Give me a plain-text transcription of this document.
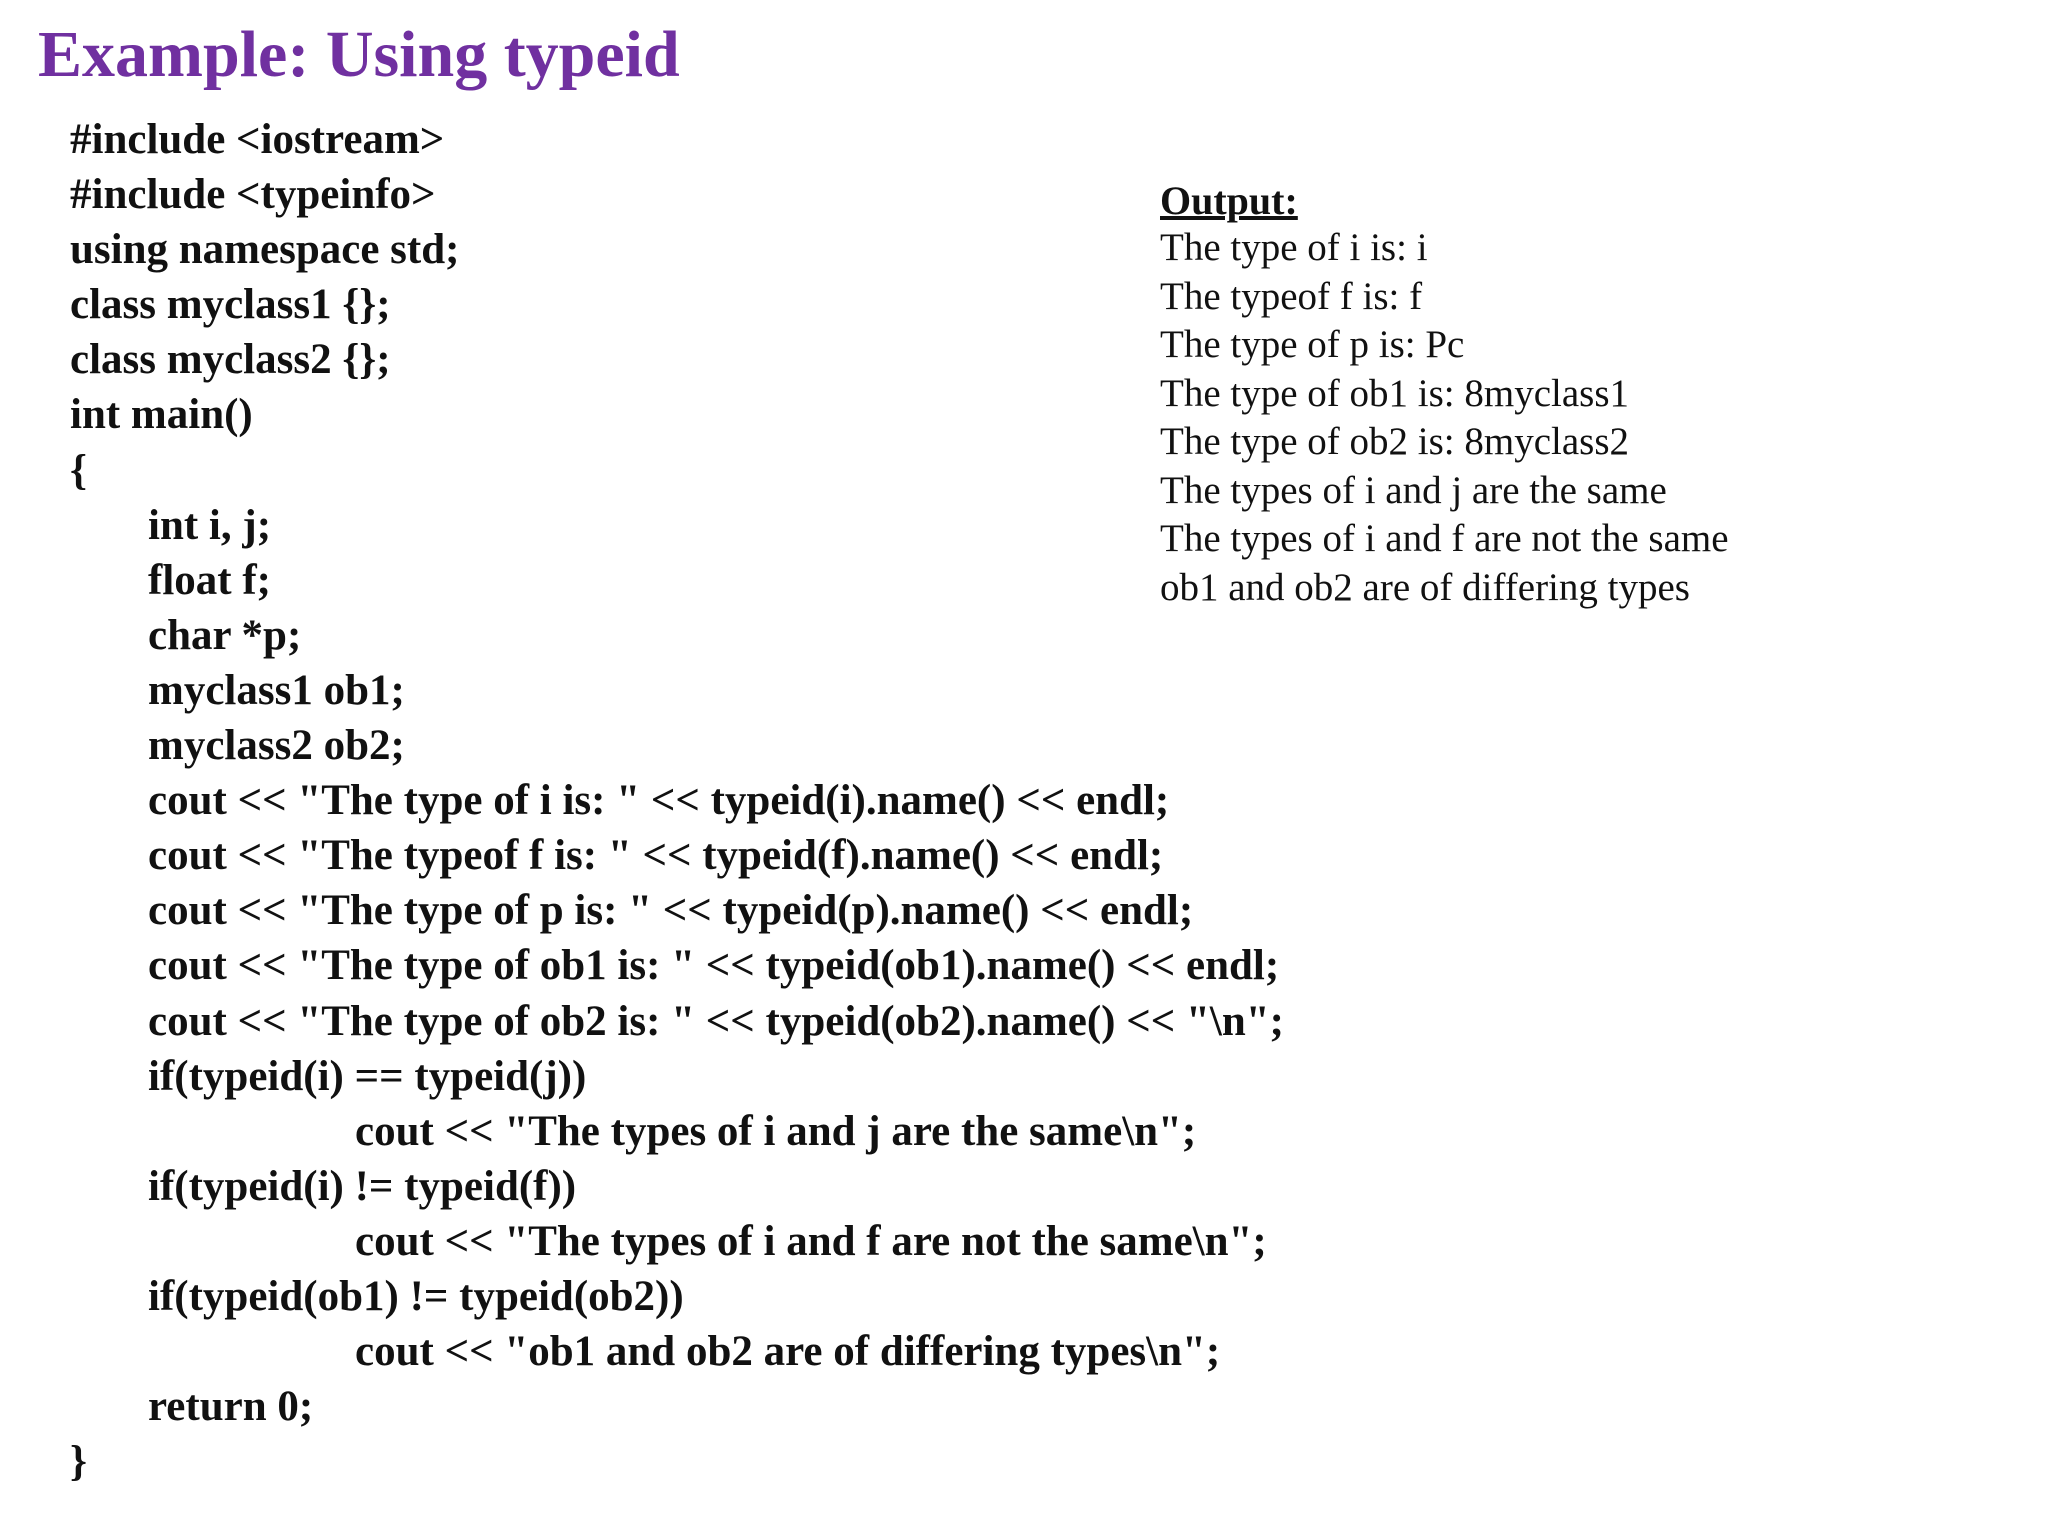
Example: Using typeid
#include <iostream>
#include <typeinfo>
using namespace std;
class myclass1 {};
class myclass2 {};
int main()
{
int i, j;
float f;
char *p;
myclass1 ob1;
myclass2 ob2;
cout << "The type of i is: " << typeid(i).name() << endl;
cout << "The typeof f is: " << typeid(f).name() << endl;
cout << "The type of p is: " << typeid(p).name() << endl;
cout << "The type of ob1 is: " << typeid(ob1).name() << endl;
cout << "The type of ob2 is: " << typeid(ob2).name() << "\n";
if(typeid(i) == typeid(j))
cout << "The types of i and j are the same\n";
if(typeid(i) != typeid(f))
cout << "The types of i and f are not the same\n";
if(typeid(ob1) != typeid(ob2))
cout << "ob1 and ob2 are of differing types\n";
return 0;
}
Output:
The type of i is: i
The typeof f is: f
The type of p is: Pc
The type of ob1 is: 8myclass1
The type of ob2 is: 8myclass2
The types of i and j are the same
The types of i and f are not the same
ob1 and ob2 are of differing types
